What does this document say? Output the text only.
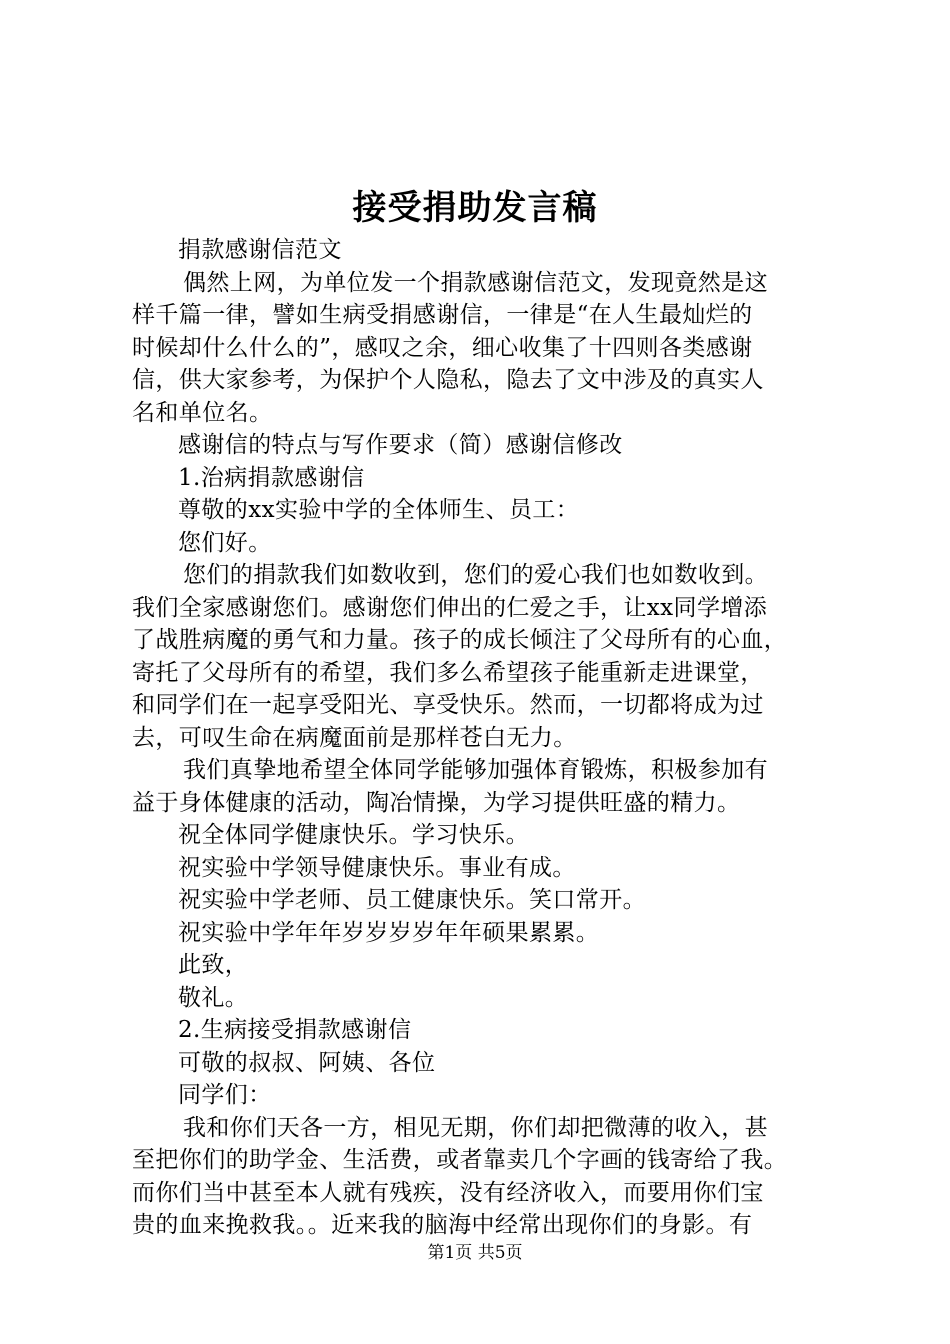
接受捐助发言稿
捐款感谢信范文
偶然上网，为单位发一个捐款感谢信范文，发现竟然是这
样千篇一律，譬如生病受捐感谢信，一律是“在人生最灿烂的
时候却什么什么的”，感叹之余，细心收集了十四则各类感谢
信，供大家参考，为保护个人隐私，隐去了文中涉及的真实人
名和单位名。
感谢信的特点与写作要求（简）感谢信修改
1.治病捐款感谢信
尊敬的xx实验中学的全体师生、员工：
您们好。
您们的捐款我们如数收到，您们的爱心我们也如数收到。
我们全家感谢您们。感谢您们伸出的仁爱之手，让xx同学增添
了战胜病魔的勇气和力量。孩子的成长倾注了父母所有的心血，
寄托了父母所有的希望，我们多么希望孩子能重新走进课堂，
和同学们在一起享受阳光、享受快乐。然而，一切都将成为过
去，可叹生命在病魔面前是那样苍白无力。
我们真挚地希望全体同学能够加强体育锻炼，积极参加有
益于身体健康的活动，陶冶情操，为学习提供旺盛的精力。
祝全体同学健康快乐。学习快乐。
祝实验中学领导健康快乐。事业有成。
祝实验中学老师、员工健康快乐。笑口常开。
祝实验中学年年岁岁岁岁年年硕果累累。
此致，
敬礼。
2.生病接受捐款感谢信
可敬的叔叔、阿姨、各位
同学们：
我和你们天各一方，相见无期，你们却把微薄的收入，甚
至把你们的助学金、生活费，或者靠卖几个字画的钱寄给了我。
而你们当中甚至本人就有残疾，没有经济收入，而要用你们宝
贵的血来挽救我。。近来我的脑海中经常出现你们的身影。有
第1页 共5页
